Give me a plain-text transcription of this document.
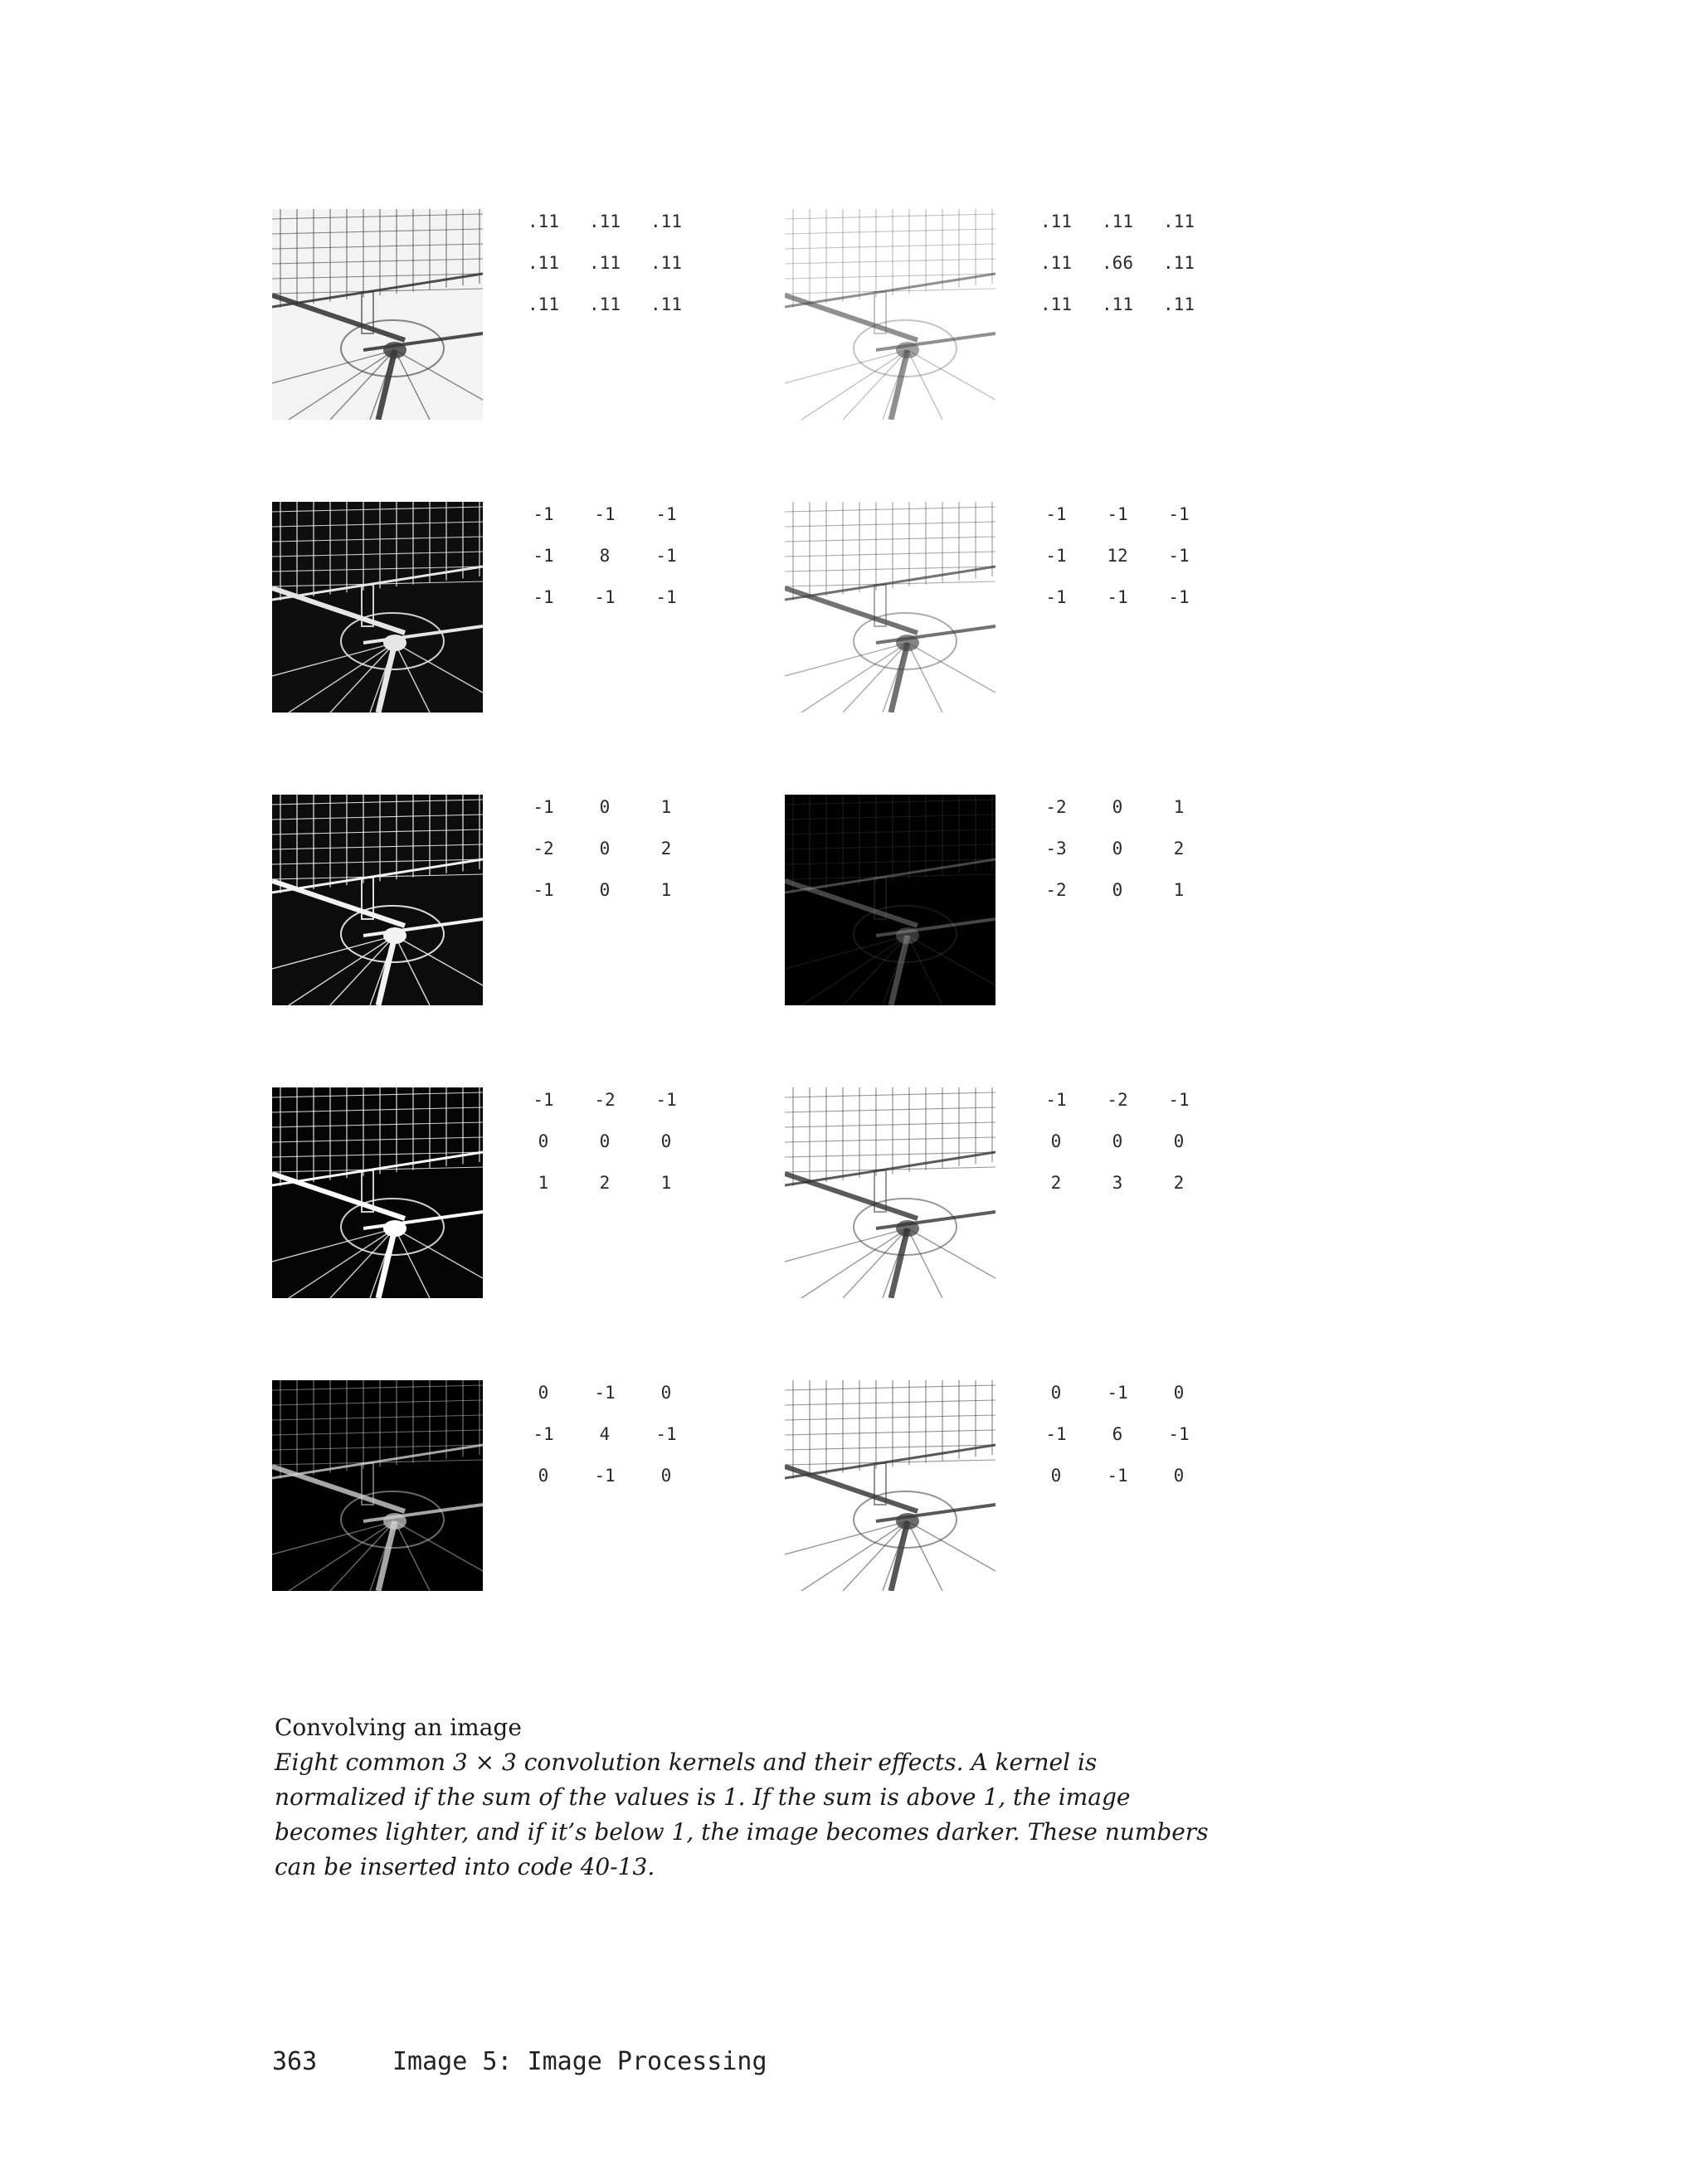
.11	.11	.11
.11	.11	.11
.11	.11	.11
.11	.11	.11
.11	.66	.11
.11	.11	.11
-1	-1	-1
-1	8	-1
-1	-1	-1
-1	-1	-1
-1	12	-1
-1	-1	-1
-1	0	1
-2	0	2
-1	0	1
-2	0	1
-3	0	2
-2	0	1
-1	-2	-1
0	0	0
1	2	1
-1	-2	-1
0	0	0
2	3	2
0	-1	0
-1	4	-1
0	-1	0
0	-1	0
-1	6	-1
0	-1	0
Convolving an image
Eight common 3 × 3 convolution kernels and their effects. A kernel is normalized if the sum of the values is 1. If the sum is above 1, the image becomes lighter, and if it’s below 1, the image becomes darker. These numbers can be inserted into code 40-13.
363	Image 5: Image Processing
